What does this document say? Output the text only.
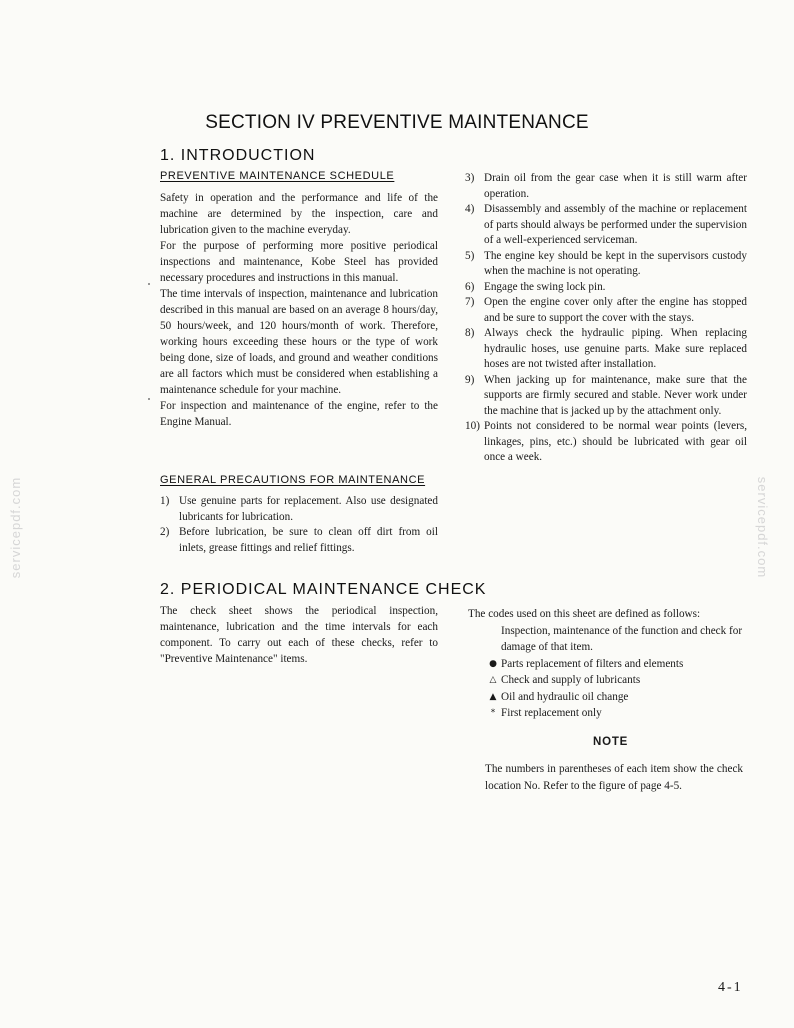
SECTION IV PREVENTIVE MAINTENANCE
1. INTRODUCTION
PREVENTIVE MAINTENANCE SCHEDULE

Safety in operation and the performance and life of the machine are determined by the inspection, care and lubrication given to the machine everyday.

For the purpose of performing more positive periodical inspections and maintenance, Kobe Steel has provided necessary procedures and instructions in this manual.

The time intervals of inspection, maintenance and lubrication described in this manual are based on an average 8 hours/day, 50 hours/week, and 120 hours/month of work. Therefore, working hours exceeding these hours or the type of work being done, size of loads, and ground and weather conditions are all factors which must be considered when establishing a maintenance schedule for your machine.

For inspection and maintenance of the engine, refer to the Engine Manual.

GENERAL PRECAUTIONS FOR MAINTENANCE
1) Use genuine parts for replacement. Also use designated lubricants for lubrication.
2) Before lubrication, be sure to clean off dirt from oil inlets, grease fittings and relief fittings.
3) Drain oil from the gear case when it is still warm after operation.
4) Disassembly and assembly of the machine or replacement of parts should always be performed under the supervision of a well-experienced serviceman.
5) The engine key should be kept in the supervisors custody when the machine is not operating.
6) Engage the swing lock pin.
7) Open the engine cover only after the engine has stopped and be sure to support the cover with the stays.
8) Always check the hydraulic piping. When replacing hydraulic hoses, use genuine parts. Make sure replaced hoses are not twisted after installation.
9) When jacking up for maintenance, make sure that the supports are firmly secured and stable. Never work under the machine that is jacked up by the attachment only.
10) Points not considered to be normal wear points (levers, linkages, pins, etc.) should be lubricated with gear oil once a week.
2. PERIODICAL MAINTENANCE CHECK

The check sheet shows the periodical inspection, maintenance, lubrication and the time intervals for each component. To carry out each of these checks, refer to "Preventive Maintenance" items.

The codes used on this sheet are defined as follows:

Inspection, maintenance of the function and check for damage of that item.

● Parts replacement of filters and elements
△ Check and supply of lubricants
▲ Oil and hydraulic oil change
* First replacement only
NOTE

The numbers in parentheses of each item show the check location No. Refer to the figure of page 4-5.

4-1
servicepdf.com	servicepdf.com
